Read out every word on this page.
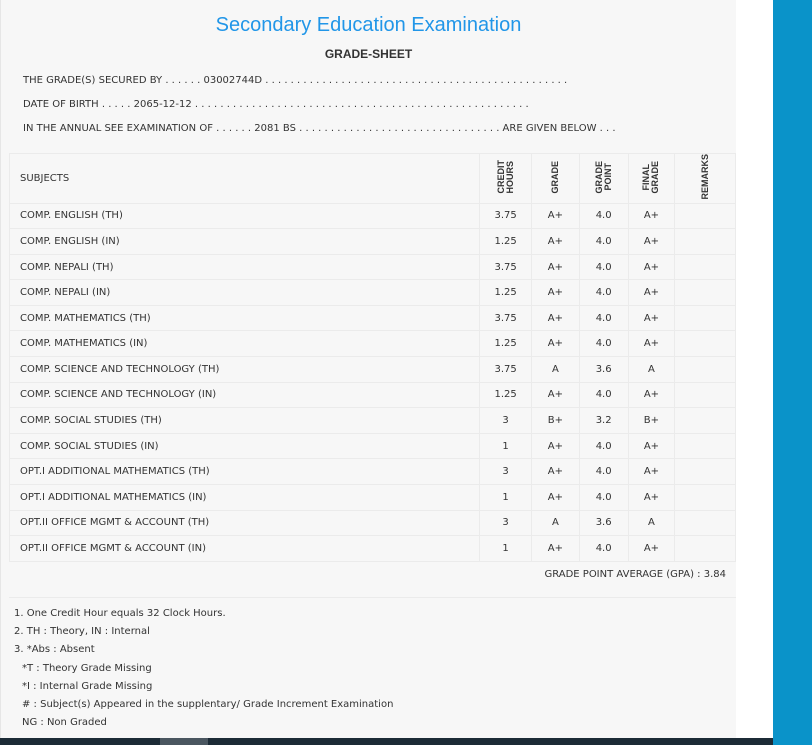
Secondary Education Examination
GRADE-SHEET
THE GRADE(S) SECURED BY . . . . . . 03002744D . . . . . . . . . . . . . . . . . . . . . . . . . . . . . . . . . . . . . . . . . . . . . . . .
DATE OF BIRTH . . . . . 2065-12-12 . . . . . . . . . . . . . . . . . . . . . . . . . . . . . . . . . . . . . . . . . . . . . . . . . . . . .
IN THE ANNUAL SEE EXAMINATION OF . . . . . . 2081 BS . . . . . . . . . . . . . . . . . . . . . . . . . . . . . . . . ARE GIVEN BELOW . . .
SUBJECTS	CREDIT HOURS	GRADE	GRADE POINT	FINAL GRADE	REMARKS
COMP. ENGLISH (TH)	3.75	A+	4.0	A+	
COMP. ENGLISH (IN)	1.25	A+	4.0	A+	
COMP. NEPALI (TH)	3.75	A+	4.0	A+	
COMP. NEPALI (IN)	1.25	A+	4.0	A+	
COMP. MATHEMATICS (TH)	3.75	A+	4.0	A+	
COMP. MATHEMATICS (IN)	1.25	A+	4.0	A+	
COMP. SCIENCE AND TECHNOLOGY (TH)	3.75	A	3.6	A	
COMP. SCIENCE AND TECHNOLOGY (IN)	1.25	A+	4.0	A+	
COMP. SOCIAL STUDIES (TH)	3	B+	3.2	B+	
COMP. SOCIAL STUDIES (IN)	1	A+	4.0	A+	
OPT.I ADDITIONAL MATHEMATICS (TH)	3	A+	4.0	A+	
OPT.I ADDITIONAL MATHEMATICS (IN)	1	A+	4.0	A+	
OPT.II OFFICE MGMT & ACCOUNT (TH)	3	A	3.6	A	
OPT.II OFFICE MGMT & ACCOUNT (IN)	1	A+	4.0	A+	
GRADE POINT AVERAGE (GPA) : 3.84
1. One Credit Hour equals 32 Clock Hours.
2. TH : Theory, IN : Internal
3. *Abs : Absent
*T : Theory Grade Missing
*I : Internal Grade Missing
# : Subject(s) Appeared in the supplentary/ Grade Increment Examination
NG : Non Graded
